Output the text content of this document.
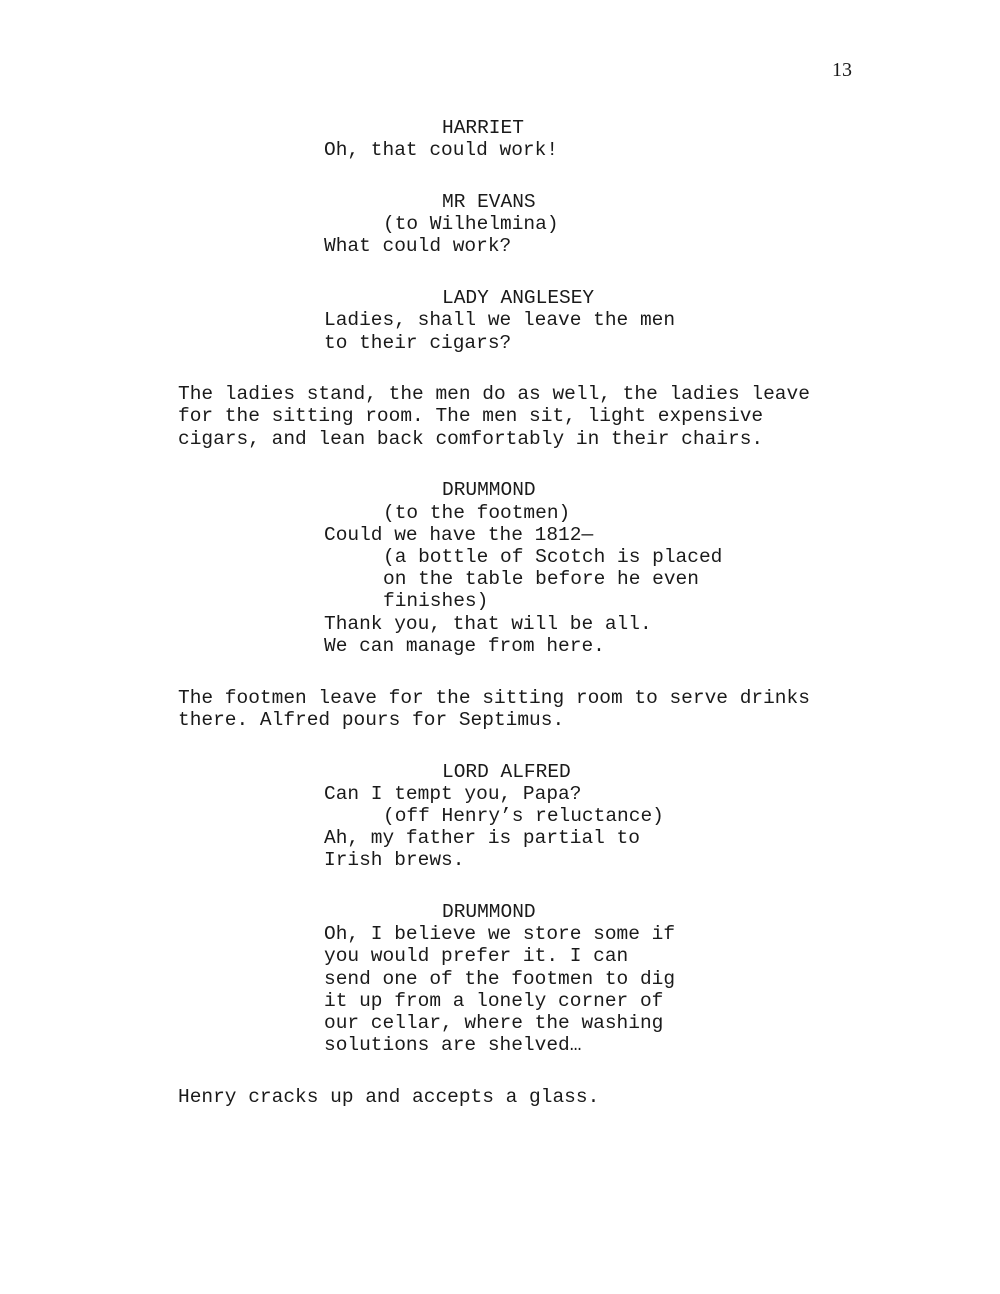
13
HARRIET
Oh, that could work!
MR EVANS
(to Wilhelmina)
What could work?
LADY ANGLESEY
Ladies, shall we leave the men
to their cigars?
The ladies stand, the men do as well, the ladies leave
for the sitting room. The men sit, light expensive
cigars, and lean back comfortably in their chairs.
DRUMMOND
(to the footmen)
Could we have the 1812—
(a bottle of Scotch is placed
on the table before he even
finishes)
Thank you, that will be all.
We can manage from here.
The footmen leave for the sitting room to serve drinks
there. Alfred pours for Septimus.
LORD ALFRED
Can I tempt you, Papa?
(off Henry’s reluctance)
Ah, my father is partial to
Irish brews.
DRUMMOND
Oh, I believe we store some if
you would prefer it. I can
send one of the footmen to dig
it up from a lonely corner of
our cellar, where the washing
solutions are shelved…
Henry cracks up and accepts a glass.
